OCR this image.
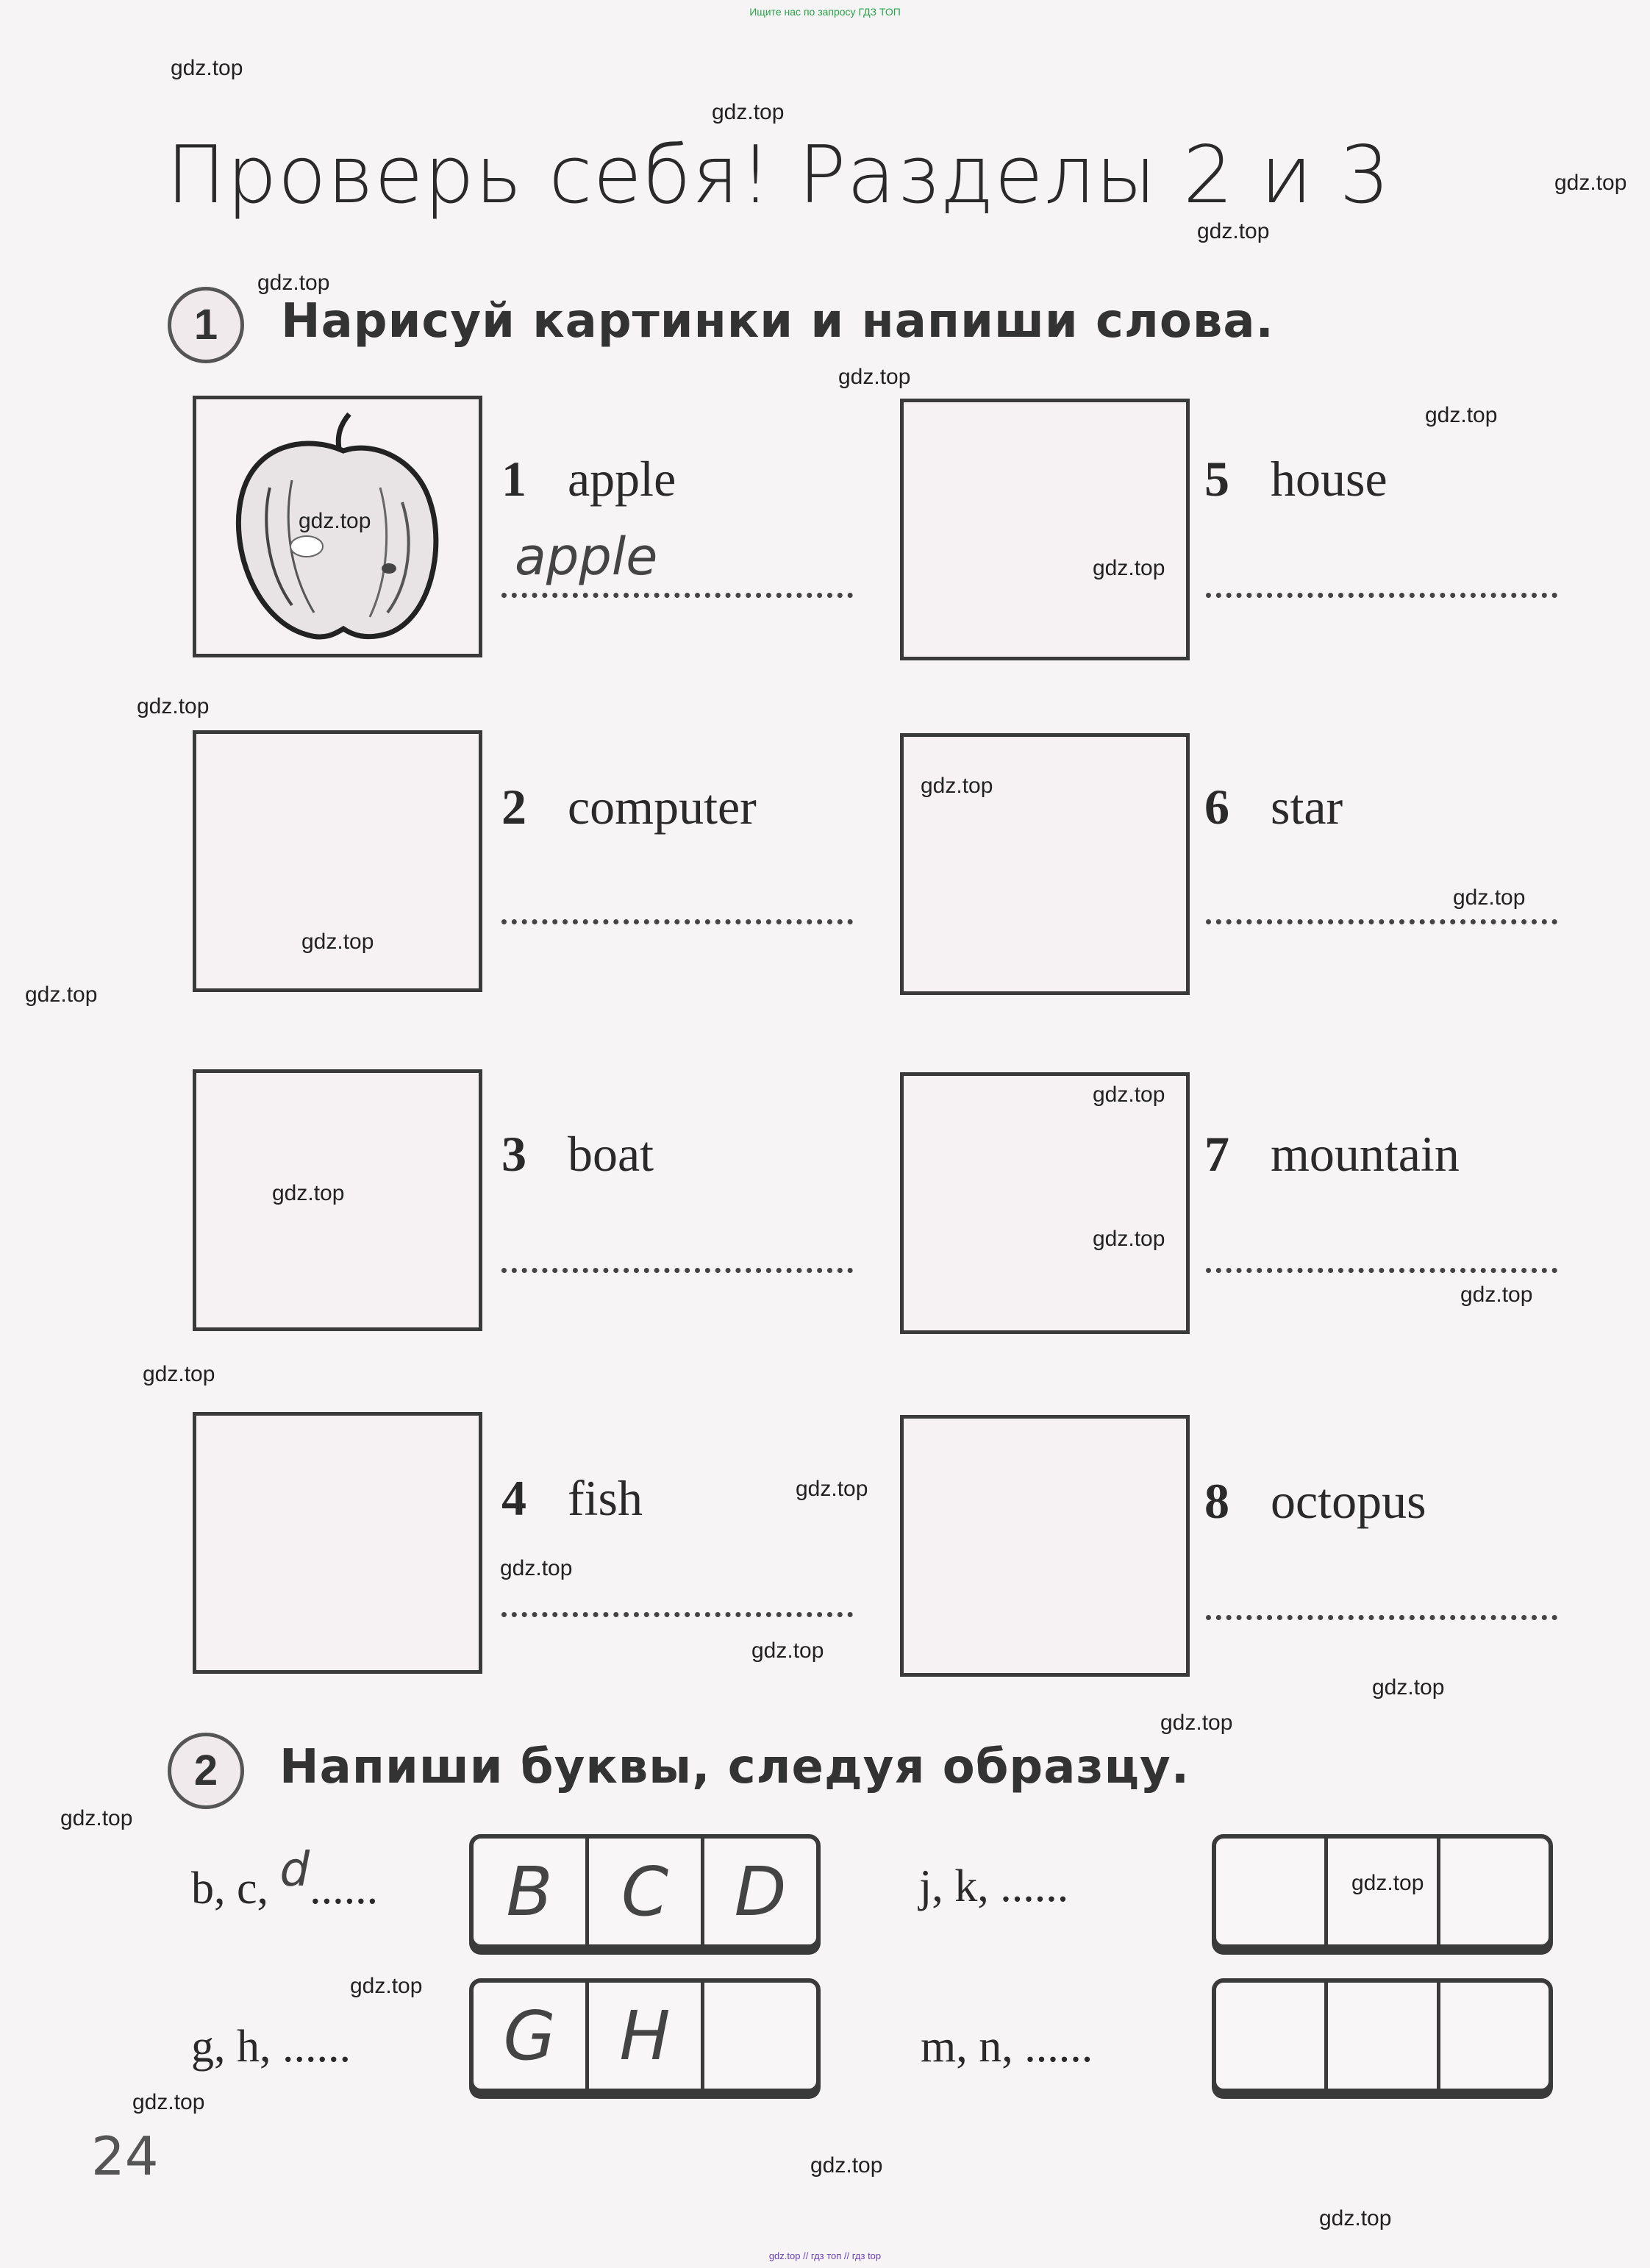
Ищите нас по запросу ГДЗ ТОП
Проверь себя! Разделы 2 и 3
1	Нарисуй картинки и напиши слова.
1 apple
apple
2 computer
3 boat
4 fish
5 house
6 star
7 mountain
8 octopus
2	Напиши буквы, следуя образцу.
b, c, d......	B	C D
g, h, ......	G H
j, k, ......
m, n, ......
24
gdz.top
gdz.top
gdz.top
gdz.top
gdz.top
gdz.top
gdz.top
gdz.top
gdz.top
gdz.top
gdz.top
gdz.top
gdz.top
gdz.top
gdz.top
gdz.top
gdz.top
gdz.top
gdz.top
gdz.top
gdz.top
gdz.top
gdz.top
gdz.top
gdz.top
gdz.top
gdz.top
gdz.top
gdz.top
gdz.top
gdz.top // гдз топ // гдз top
